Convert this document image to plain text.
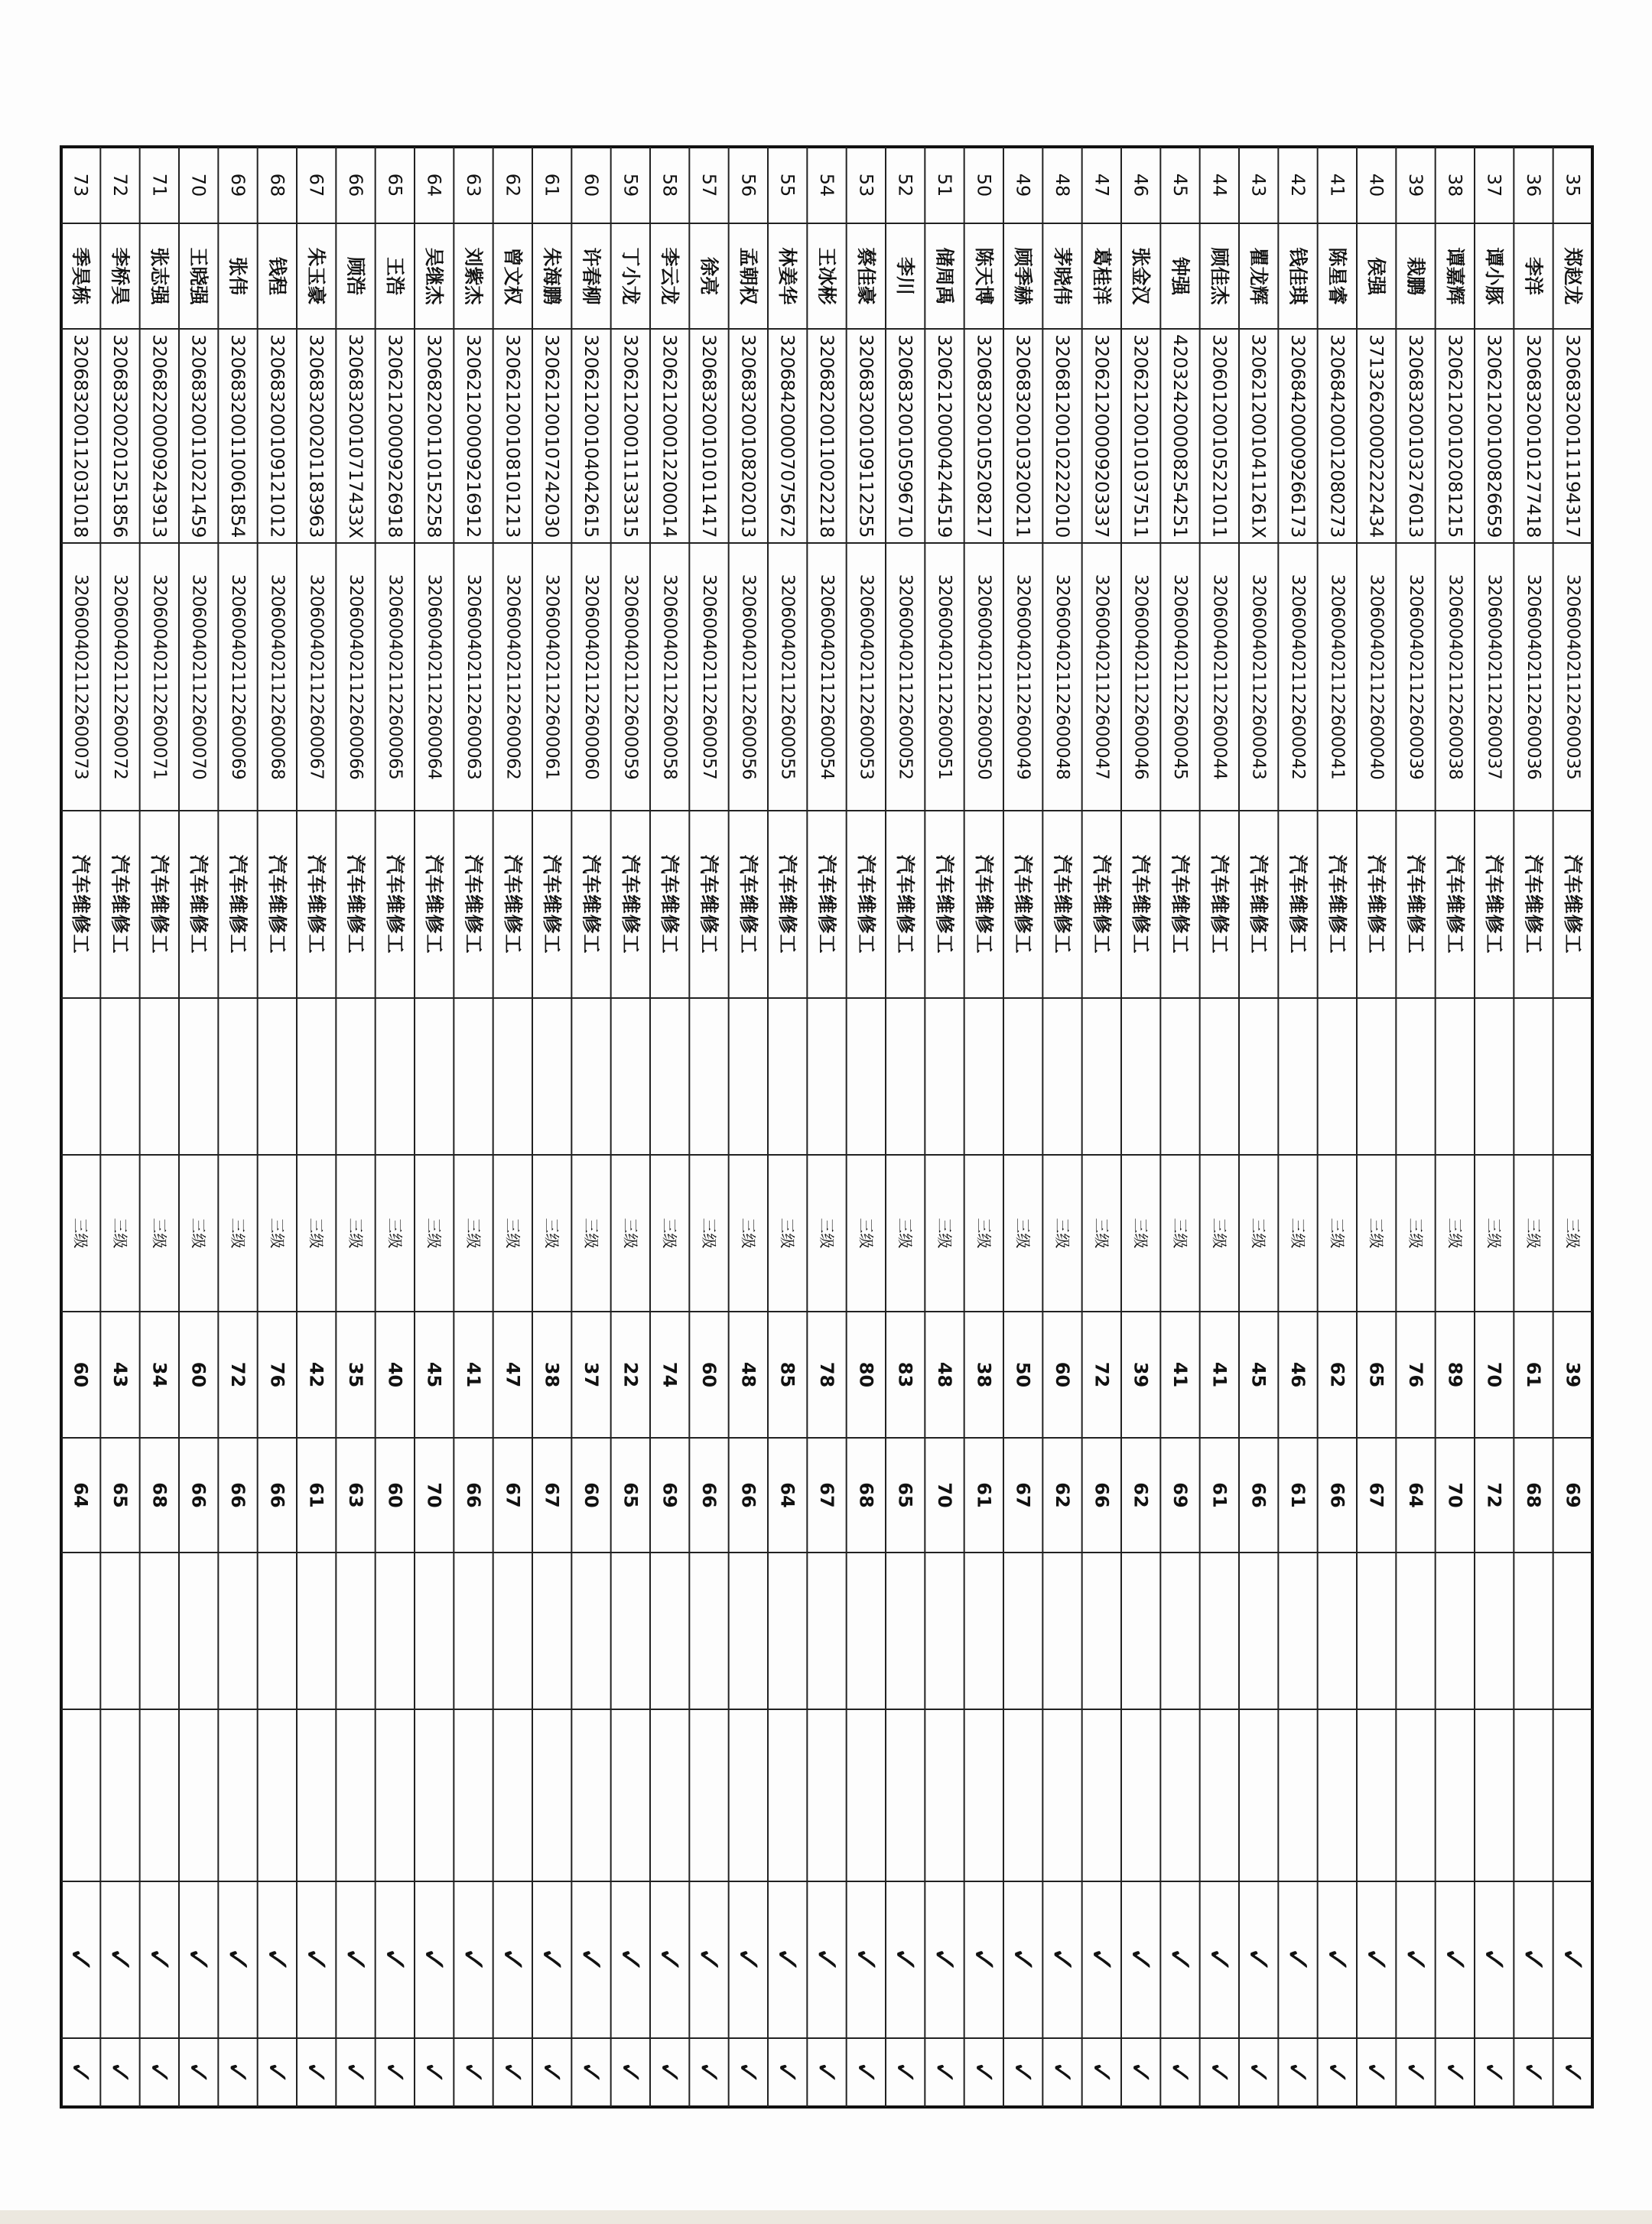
35
郑赵龙
320683200111194317
3206004021122600035
汽车维修工
三级
39
69
✓
✓
36
李洋
320683200101277418
3206004021122600036
汽车维修工
三级
61
68
✓
✓
37
谭小豚
320621200100826659
3206004021122600037
汽车维修工
三级
70
72
✓
✓
38
谭嘉辉
320621200102081215
3206004021122600038
汽车维修工
三级
89
70
✓
✓
39
栽鹏
320683200103276013
3206004021122600039
汽车维修工
三级
76
64
✓
✓
40
侯强
371326200002222434
3206004021122600040
汽车维修工
三级
65
67
✓
✓
41
陈星睿
320684200012080273
3206004021122600041
汽车维修工
三级
62
66
✓
✓
42
钱佳琪
320684200009266173
3206004021122600042
汽车维修工
三级
46
61
✓
✓
43
瞿龙辉
32062120010411261X
3206004021122600043
汽车维修工
三级
45
66
✓
✓
44
顾佳杰
320601200105221011
3206004021122600044
汽车维修工
三级
41
61
✓
✓
45
钟强
420324200008254251
3206004021122600045
汽车维修工
三级
41
69
✓
✓
46
张金汉
320621200101037511
3206004021122600046
汽车维修工
三级
39
62
✓
✓
47
葛桂洋
320621200009203337
3206004021122600047
汽车维修工
三级
72
66
✓
✓
48
茅晓伟
320681200102222010
3206004021122600048
汽车维修工
三级
60
62
✓
✓
49
顾季赫
320683200103200211
3206004021122600049
汽车维修工
三级
50
67
✓
✓
50
陈天博
320683200105208217
3206004021122600050
汽车维修工
三级
38
61
✓
✓
51
储周禹
320621200004244519
3206004021122600051
汽车维修工
三级
48
70
✓
✓
52
李川
320683200105096710
3206004021122600052
汽车维修工
三级
83
65
✓
✓
53
蔡佳豪
320683200109112255
3206004021122600053
汽车维修工
三级
80
68
✓
✓
54
王冰彬
320682200110022218
3206004021122600054
汽车维修工
三级
78
67
✓
✓
55
林姜华
320684200007075672
3206004021122600055
汽车维修工
三级
85
64
✓
✓
56
孟朝权
320683200108202013
3206004021122600056
汽车维修工
三级
48
66
✓
✓
57
徐亮
320683200101011417
3206004021122600057
汽车维修工
三级
60
66
✓
✓
58
李云龙
320621200012200014
3206004021122600058
汽车维修工
三级
74
69
✓
✓
59
丁小龙
320621200011133315
3206004021122600059
汽车维修工
三级
22
65
✓
✓
60
许春柳
320621200104042615
3206004021122600060
汽车维修工
三级
37
60
✓
✓
61
朱海鹏
320621200107242030
3206004021122600061
汽车维修工
三级
38
67
✓
✓
62
曾文权
320621200108101213
3206004021122600062
汽车维修工
三级
47
67
✓
✓
63
刘紫杰
320621200009216912
3206004021122600063
汽车维修工
三级
41
66
✓
✓
64
吴继杰
320682200110152258
3206004021122600064
汽车维修工
三级
45
70
✓
✓
65
王浩
320621200009226918
3206004021122600065
汽车维修工
三级
40
60
✓
✓
66
顾浩
32068320010717433X
3206004021122600066
汽车维修工
三级
35
63
✓
✓
67
朱玉豪
320683200201183963
3206004021122600067
汽车维修工
三级
42
61
✓
✓
68
钱程
320683200109121012
3206004021122600068
汽车维修工
三级
76
66
✓
✓
69
张伟
320683200110061854
3206004021122600069
汽车维修工
三级
72
66
✓
✓
70
王晓强
320683200110221459
3206004021122600070
汽车维修工
三级
60
66
✓
✓
71
张志强
320682200009243913
3206004021122600071
汽车维修工
三级
34
68
✓
✓
72
李桥昊
320683200201251856
3206004021122600072
汽车维修工
三级
43
65
✓
✓
73
季昊栋
320683200112031018
3206004021122600073
汽车维修工
三级
60
64
✓
✓
